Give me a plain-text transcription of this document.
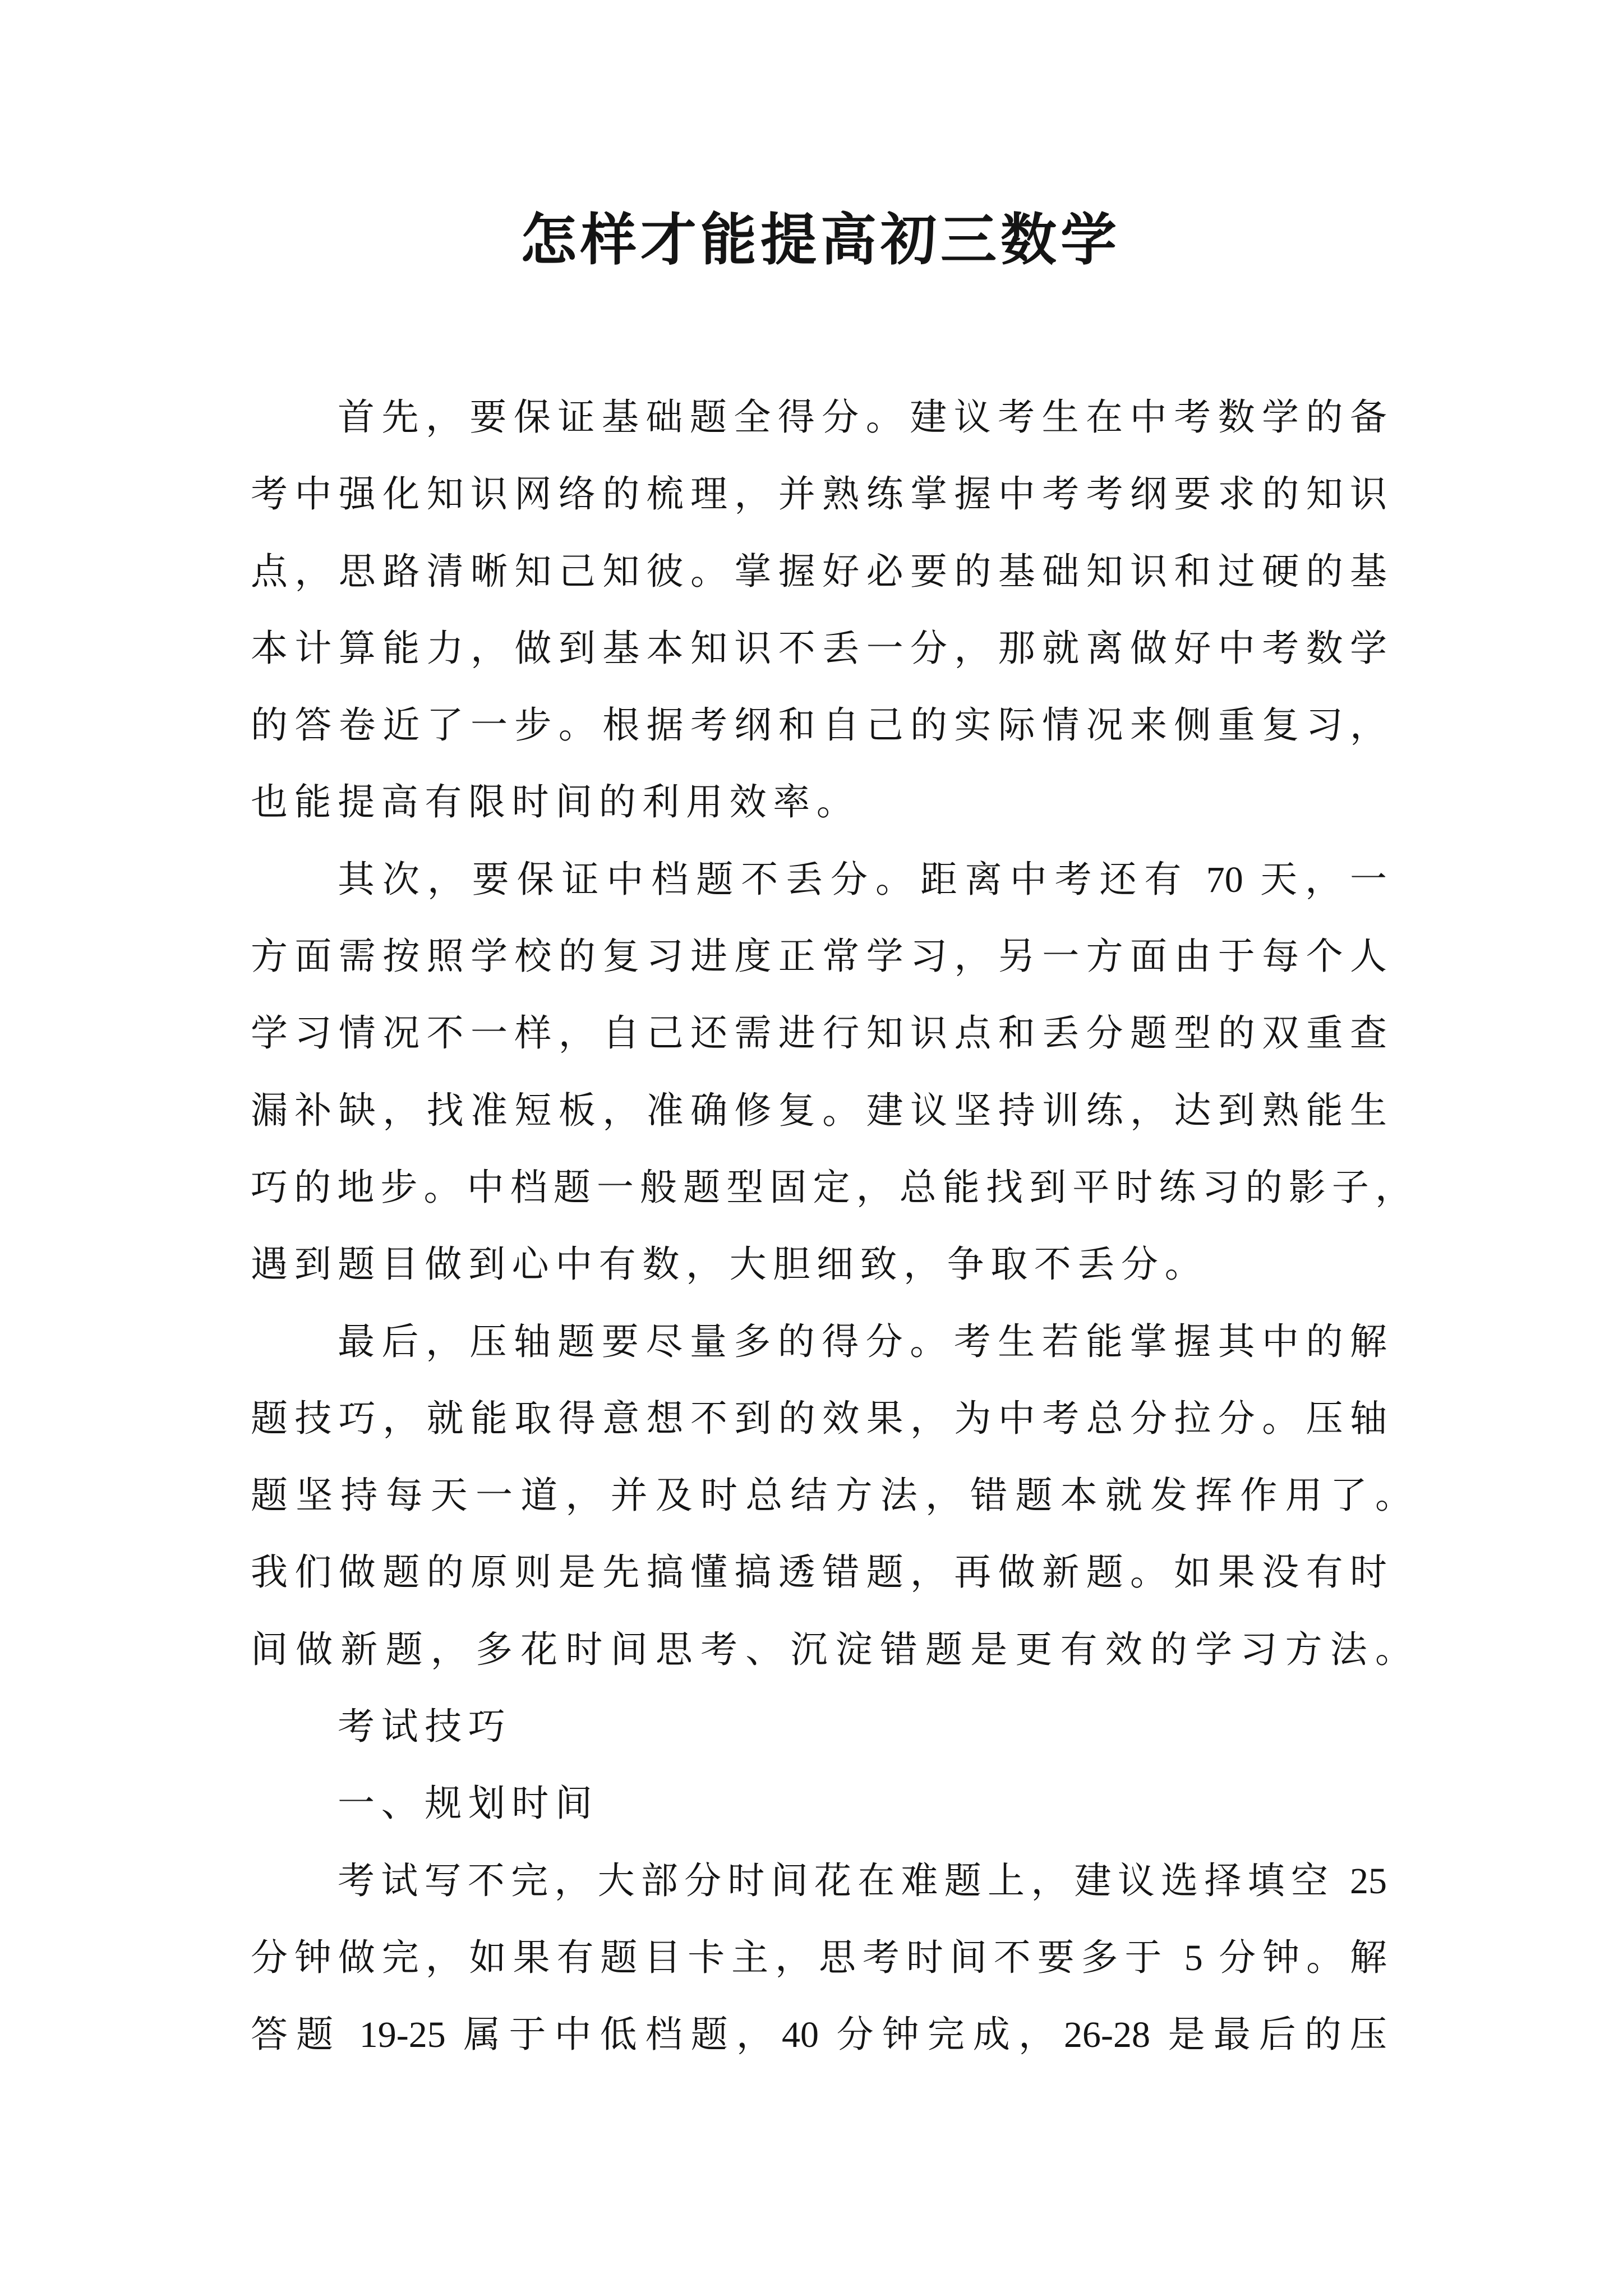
怎样才能提高初三数学
首先，要保证基础题全得分。建议考生在中考数学的备
考中强化知识网络的梳理，并熟练掌握中考考纲要求的知识
点，思路清晰知己知彼。掌握好必要的基础知识和过硬的基
本计算能力，做到基本知识不丢一分，那就离做好中考数学
的答卷近了一步。根据考纲和自己的实际情况来侧重复习，
也能提高有限时间的利用效率。
其次，要保证中档题不丢分。距离中考还有 70 天，一
方面需按照学校的复习进度正常学习，另一方面由于每个人
学习情况不一样，自己还需进行知识点和丢分题型的双重查
漏补缺，找准短板，准确修复。建议坚持训练，达到熟能生
巧的地步。中档题一般题型固定，总能找到平时练习的影子，
遇到题目做到心中有数，大胆细致，争取不丢分。
最后，压轴题要尽量多的得分。考生若能掌握其中的解
题技巧，就能取得意想不到的效果，为中考总分拉分。压轴
题坚持每天一道，并及时总结方法，错题本就发挥作用了。
我们做题的原则是先搞懂搞透错题，再做新题。如果没有时
间做新题，多花时间思考、沉淀错题是更有效的学习方法。
考试技巧
一、规划时间
考试写不完，大部分时间花在难题上，建议选择填空 25
分钟做完，如果有题目卡主，思考时间不要多于 5 分钟。解
答题 19-25 属于中低档题，40 分钟完成，26-28 是最后的压
